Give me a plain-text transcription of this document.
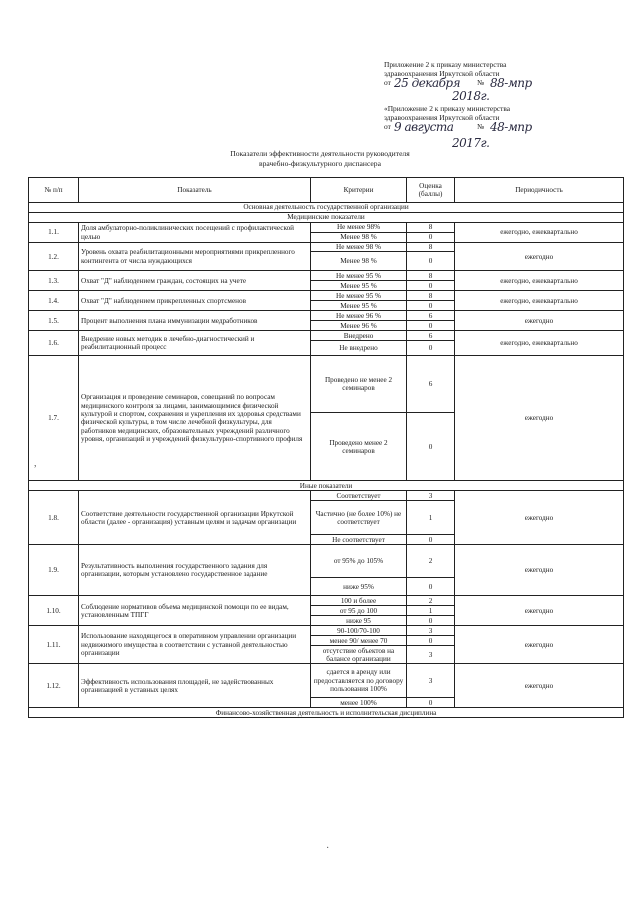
Приложение 2 к приказу министерства
здравоохранения Иркутской области
от	№
25 декабря 88-мпр
2018г.
«Приложение 2 к приказу министерства
здравоохранения Иркутской области
от	№
9 августа	48-мпр
2017г.
Показатели эффективности деятельности руководителя
врачебно-физкультурного диспансера
№ п/п	Показатель	Критерии	Оценка (баллы)	Периодичность
Основная деятельность государственной организации				
Медицинские показатели				
1.1.	Доля амбулаторно-поликлинических посещений с профилактической целью	Не менее 98%	8	ежегодно, ежеквартально
		Менее 98 %	0	
1.2.	Уровень охвата реабилитационными мероприятиями прикрепленного контингента от числа нуждающихся	Не менее 98 %	8	ежегодно
		Менее 98 %	0	
1.3.	Охват "Д" наблюдением граждан, состоящих на учете	Не менее 95 %	8	ежегодно, ежеквартально
		Менее 95 %	0	
1.4.	Охват "Д" наблюдением прикрепленных спортсменов	Не менее 95 %	8	ежегодно, ежеквартально
		Менее 95 %	0	
1.5.	Процент выполнения плана иммунизации медработников	Не менее 96 %	6	ежегодно
		Менее 96 %	0	
1.6.	Внедрение новых методик в лечебно-диагностический и реабилитационный процесс	Внедрено	6	ежегодно, ежеквартально
		Не внедрено	0	
1.7.	Организация и проведение семинаров, совещаний по вопросам медицинского контроля за лицами, занимающимися физической культурой и спортом, сохранения и укрепления их здоровья средствами физической культуры, в том числе лечебной физкультуры, для работников медицинских, образовательных учреждений различного уровня, организаций и учреждений физкультурно-спортивного профиля	Проведено не менее 2 семинаров	6	ежегодно
		Проведено менее 2 семинаров	0	
Иные показатели				
1.8.	Соответствие деятельности государственной организации Иркутской области (далее - организация) уставным целям и задачам организации	Соответствует	3	ежегодно
		Частично (не более 10%) не соответствует	1	
		Не соответствует	0	
1.9.	Результативность выполнения государственного задания для организации, которым установлено государственное задание	от 95% до 105%	2	ежегодно
		ниже 95%	0	
1.10.	Соблюдение нормативов объема медицинской помощи по ее видам, установленным ТПГГ	100 и более	2	ежегодно
		от 95 до 100	1	
		ниже 95	0	
1.11.	Использование находящегося в оперативном управлении организации недвижимого имущества в соответствии с уставной деятельностью организации	90-100/70-100	3	ежегодно
		менее 90/ менее 70	0	
		отсутствие объектов на балансе организации	3	
1.12.	Эффективность использования площадей, не задействованных организацией в уставных целях	сдается в аренду или предоставляется по договору пользования 100%	3	ежегодно
		менее 100%	0	
Финансово-хозяйственная деятельность и исполнительская дисциплина				
,
·
